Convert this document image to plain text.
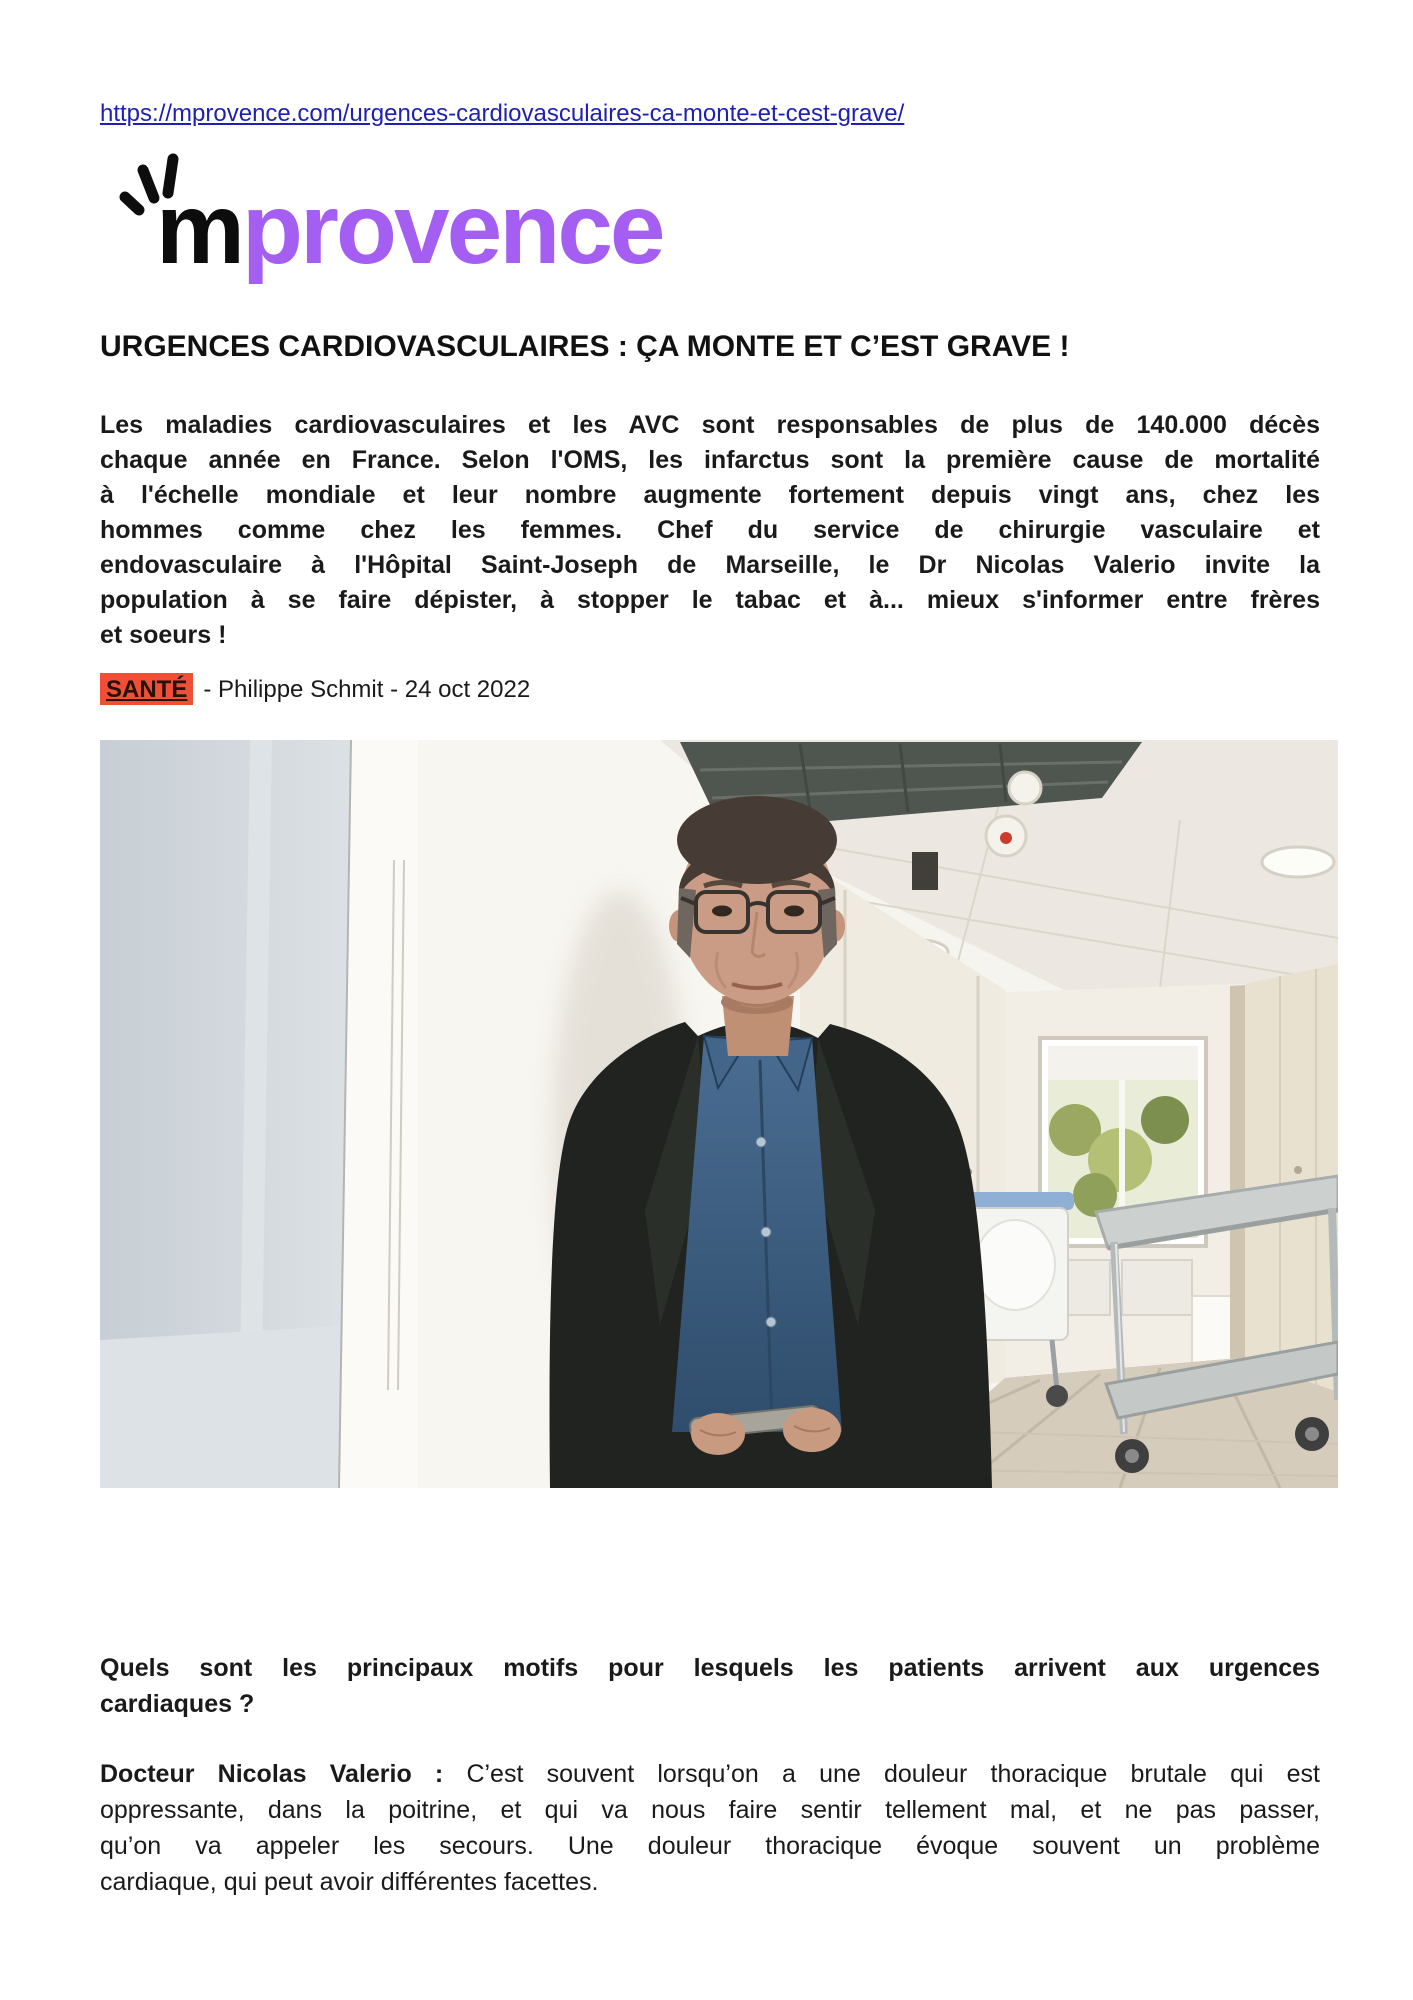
https://mprovence.com/urgences-cardiovasculaires-ca-monte-et-cest-grave/
mprovence
URGENCES CARDIOVASCULAIRES : ÇA MONTE ET C’EST GRAVE !
Les maladies cardiovasculaires et les AVC sont responsables de plus de 140.000 décès
chaque année en France. Selon l'OMS, les infarctus sont la première cause de mortalité
à l'échelle mondiale et leur nombre augmente fortement depuis vingt ans, chez les
hommes comme chez les femmes. Chef du service de chirurgie vasculaire et
endovasculaire à l'Hôpital Saint-Joseph de Marseille, le Dr Nicolas Valerio invite la
population à se faire dépister, à stopper le tabac et à... mieux s'informer entre frères
et soeurs !
SANTÉ - Philippe Schmit - 24 oct 2022
Quels sont les principaux motifs pour lesquels les patients arrivent aux urgences
cardiaques ?
Docteur Nicolas Valerio : C’est souvent lorsqu’on a une douleur thoracique brutale qui est
oppressante, dans la poitrine, et qui va nous faire sentir tellement mal, et ne pas passer,
qu’on va appeler les secours. Une douleur thoracique évoque souvent un problème
cardiaque, qui peut avoir différentes facettes.
